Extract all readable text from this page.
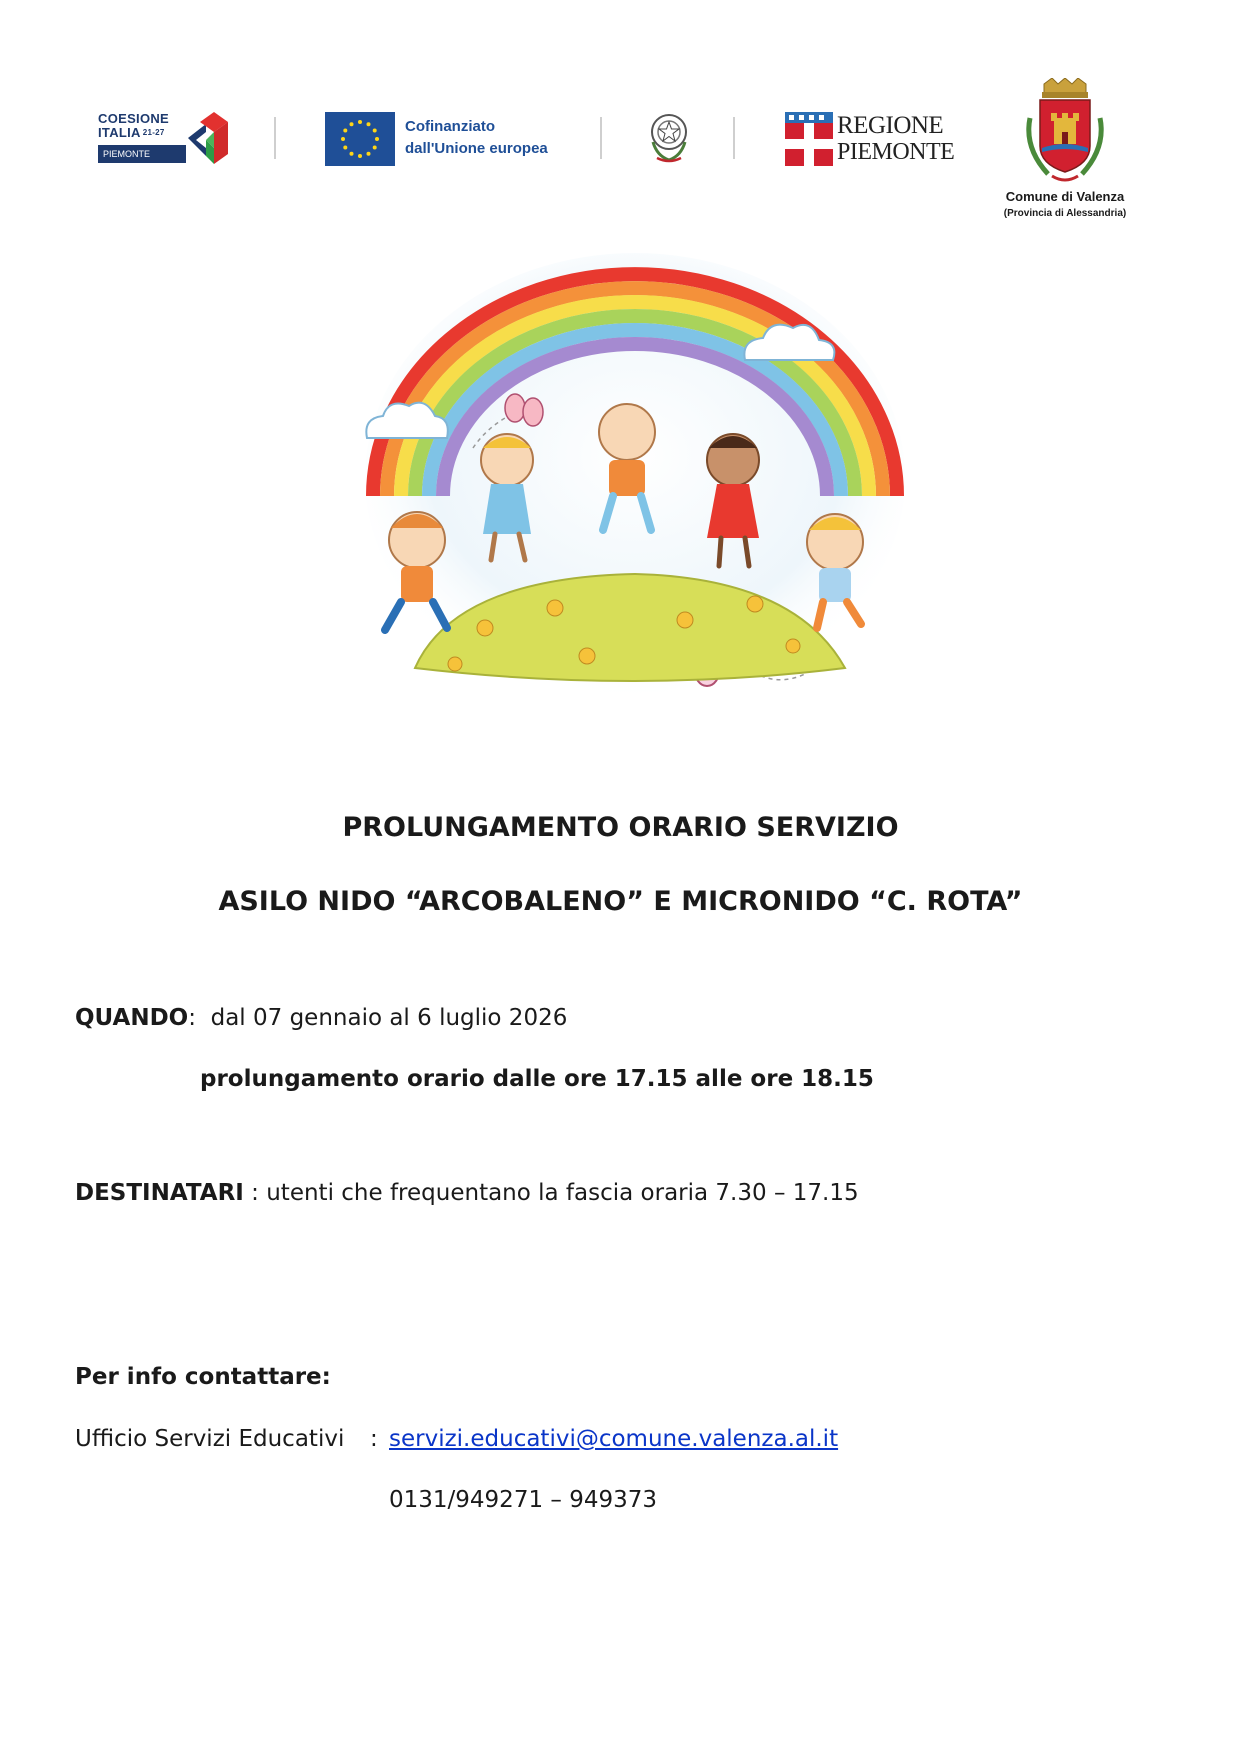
COESIONE
ITALIA $^{21-27}$
PIEMONTE
Cofinanziato
dall'Unione europea
REGIONE
PIEMONTE
Comune di Valenza
(Provincia di Alessandria)
PROLUNGAMENTO ORARIO SERVIZIO
ASILO NIDO “ARCOBALENO” E MICRONIDO “C. ROTA”
QUANDO:  dal 07 gennaio al 6 luglio 2026
prolungamento orario dalle ore 17.15 alle ore 18.15
DESTINATARI : utenti che frequentano la fascia oraria 7.30 – 17.15
Per info contattare:
Ufficio Servizi Educativi : servizi.educativi@comune.valenza.al.it
0131/949271 – 949373
